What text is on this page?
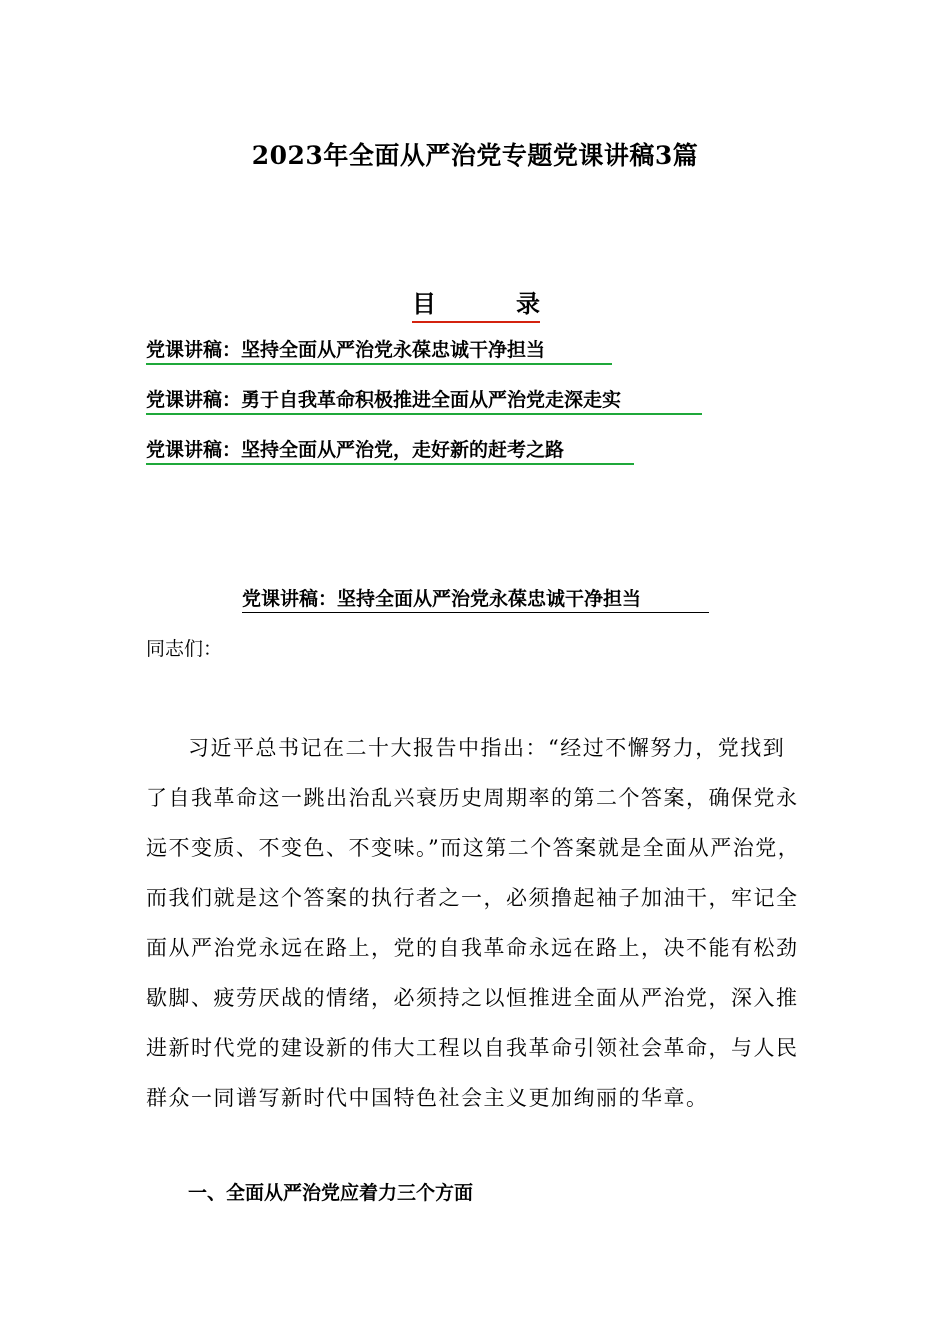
2023年全面从严治党专题党课讲稿3篇
目	录
党课讲稿：坚持全面从严治党永葆忠诚干净担当
党课讲稿：勇于自我革命积极推进全面从严治党走深走实
党课讲稿：坚持全面从严治党，走好新的赶考之路
党课讲稿：坚持全面从严治党永葆忠诚干净担当
同志们：
习近平总书记在二十大报告中指出：“经过不懈努力，党找到
了自我革命这一跳出治乱兴衰历史周期率的第二个答案，确保党永
远不变质、不变色、不变味。”而这第二个答案就是全面从严治党，
而我们就是这个答案的执行者之一，必须撸起袖子加油干，牢记全
面从严治党永远在路上，党的自我革命永远在路上，决不能有松劲
歇脚、疲劳厌战的情绪，必须持之以恒推进全面从严治党，深入推
进新时代党的建设新的伟大工程以自我革命引领社会革命，与人民
群众一同谱写新时代中国特色社会主义更加绚丽的华章。
一、全面从严治党应着力三个方面
